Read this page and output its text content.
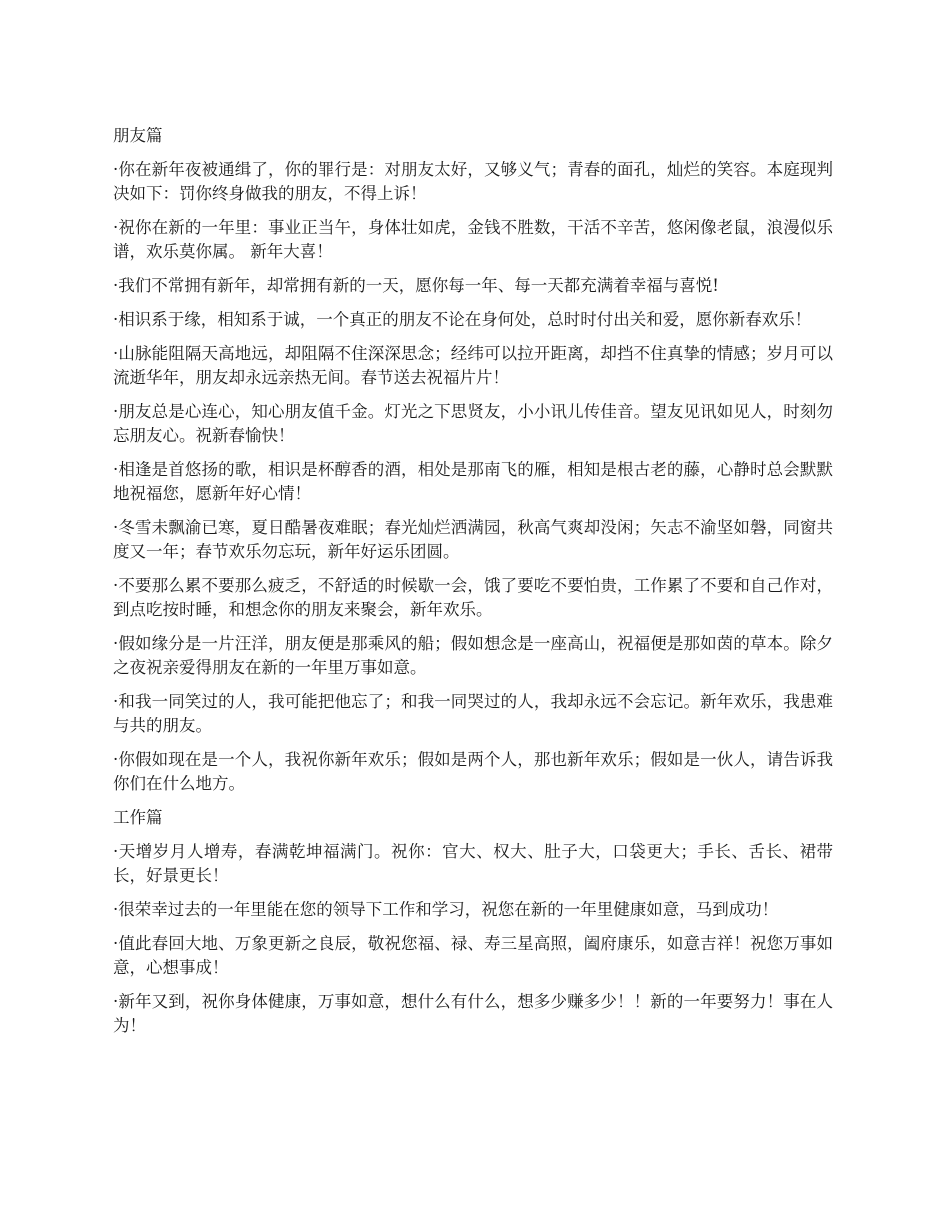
朋友篇

·你在新年夜被通缉了，你的罪行是：对朋友太好，又够义气；青春的面孔，灿烂的笑容。本庭现判决如下：罚你终身做我的朋友，不得上诉！

·祝你在新的一年里：事业正当午，身体壮如虎，金钱不胜数，干活不辛苦，悠闲像老鼠，浪漫似乐谱，欢乐莫你属。 新年大喜！

·我们不常拥有新年，却常拥有新的一天，愿你每一年、每一天都充满着幸福与喜悦!

·相识系于缘，相知系于诚，一个真正的朋友不论在身何处，总时时付出关和爱，愿你新春欢乐！

·山脉能阻隔天高地远，却阻隔不住深深思念；经纬可以拉开距离，却挡不住真挚的情感；岁月可以流逝华年，朋友却永远亲热无间。春节送去祝福片片！

·朋友总是心连心，知心朋友值千金。灯光之下思贤友，小小讯儿传佳音。望友见讯如见人，时刻勿忘朋友心。祝新春愉快！

·相逢是首悠扬的歌，相识是杯醇香的酒，相处是那南飞的雁，相知是根古老的藤，心静时总会默默地祝福您，愿新年好心情！

·冬雪未飘渝已寒，夏日酷暑夜难眠；春光灿烂洒满园，秋高气爽却没闲；矢志不渝坚如磐，同窗共度又一年；春节欢乐勿忘玩，新年好运乐团圆。

·不要那么累不要那么疲乏，不舒适的时候歇一会，饿了要吃不要怕贵，工作累了不要和自己作对，到点吃按时睡，和想念你的朋友来聚会，新年欢乐。

·假如缘分是一片汪洋，朋友便是那乘风的船；假如想念是一座高山，祝福便是那如茵的草本。除夕之夜祝亲爱得朋友在新的一年里万事如意。

·和我一同笑过的人，我可能把他忘了；和我一同哭过的人，我却永远不会忘记。新年欢乐，我患难与共的朋友。

·你假如现在是一个人，我祝你新年欢乐；假如是两个人，那也新年欢乐；假如是一伙人，请告诉我你们在什么地方。

工作篇

·天增岁月人增寿，春满乾坤福满门。祝你：官大、权大、肚子大，口袋更大；手长、舌长、裙带长，好景更长！

·很荣幸过去的一年里能在您的领导下工作和学习，祝您在新的一年里健康如意，马到成功！

·值此春回大地、万象更新之良辰，敬祝您福、禄、寿三星高照，阖府康乐，如意吉祥！祝您万事如意，心想事成！

·新年又到，祝你身体健康，万事如意，想什么有什么，想多少赚多少！！新的一年要努力！事在人为！
